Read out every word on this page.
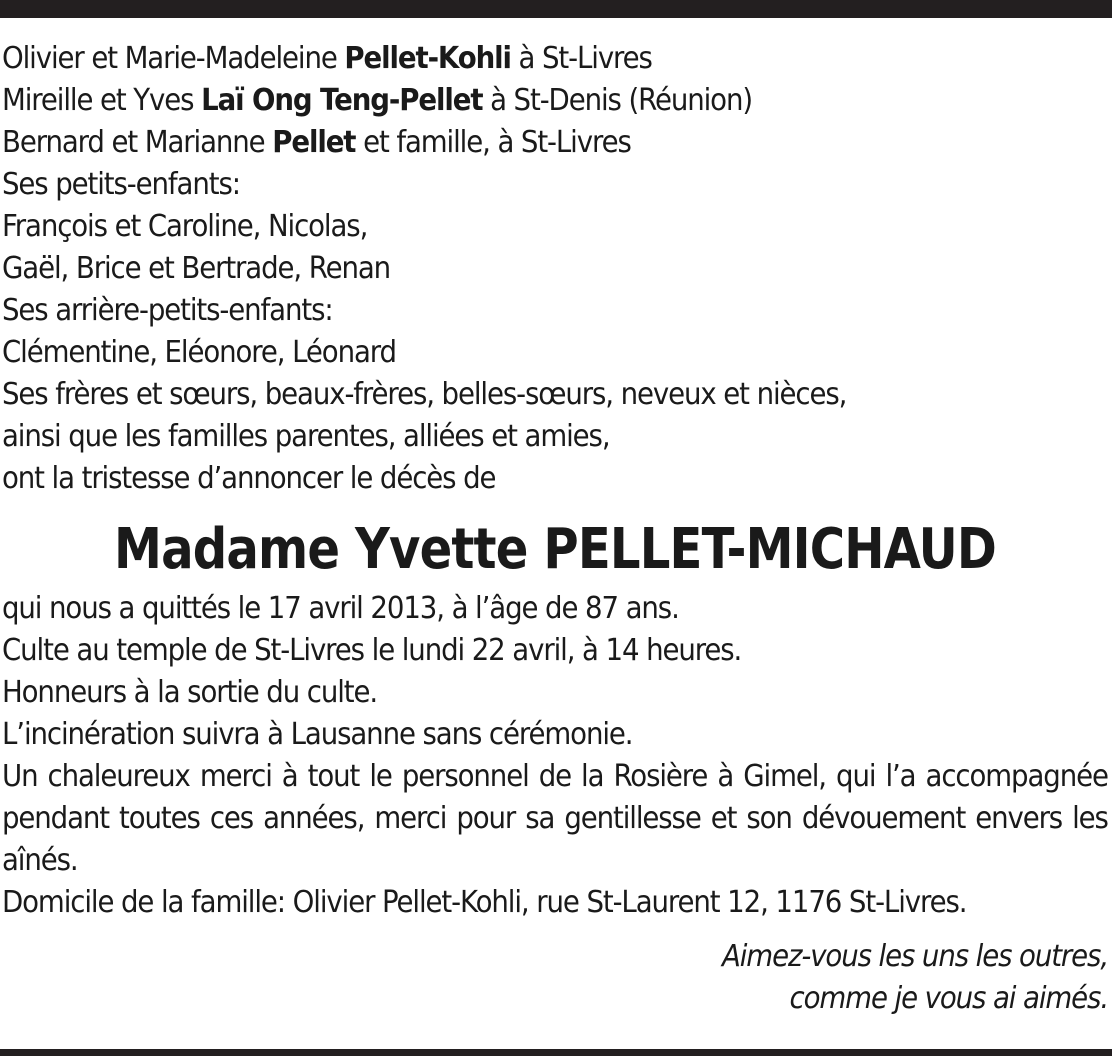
Olivier et Marie-Madeleine Pellet-Kohli à St-Livres
Mireille et Yves Laï Ong Teng-Pellet à St-Denis (Réunion)
Bernard et Marianne Pellet et famille, à St-Livres
Ses petits-enfants:
François et Caroline, Nicolas,
Gaël, Brice et Bertrade, Renan
Ses arrière-petits-enfants:
Clémentine, Eléonore, Léonard
Ses frères et sœurs, beaux-frères, belles-sœurs, neveux et nièces,
ainsi que les familles parentes, alliées et amies,
ont la tristesse d’annoncer le décès de
Madame Yvette PELLET-MICHAUD
qui nous a quittés le 17 avril 2013, à l’âge de 87 ans.
Culte au temple de St-Livres le lundi 22 avril, à 14 heures.
Honneurs à la sortie du culte.
L’incinération suivra à Lausanne sans cérémonie.
Un chaleureux merci à tout le personnel de la Rosière à Gimel, qui l’a accompagnée pendant toutes ces années, merci pour sa gentillesse et son dévouement envers les aînés.
Domicile de la famille: Olivier Pellet-Kohli, rue St-Laurent 12, 1176 St-Livres.
Aimez-vous les uns les outres,
comme je vous ai aimés.
